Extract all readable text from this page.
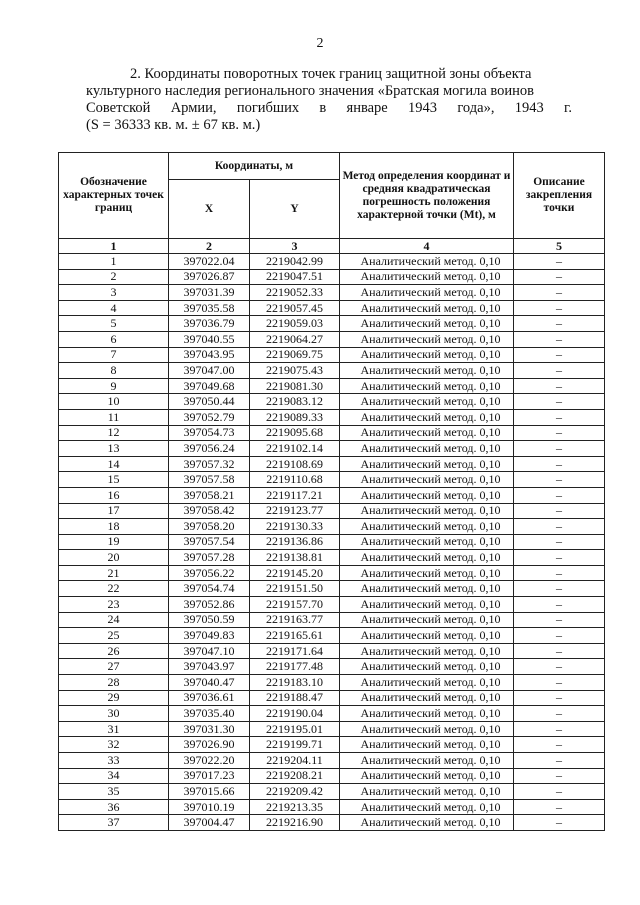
2
2. Координаты поворотных точек границ защитной зоны объекта
культурного наследия регионального значения «Братская могила воинов
Советской Армии, погибших в январе 1943 года», 1943 г.
(S = 36333 кв. м. ± 67 кв. м.)
Обозначение характерных точек границ	Координаты, м		Метод определения координат и средняя квадратическая погрешность положения характерной точки (Мt), м	Описание закрепления точки
	X	Y		
1	2	3	4	5
1	397022.04	2219042.99	Аналитический метод. 0,10	–
2	397026.87	2219047.51	Аналитический метод. 0,10	–
3	397031.39	2219052.33	Аналитический метод. 0,10	–
4	397035.58	2219057.45	Аналитический метод. 0,10	–
5	397036.79	2219059.03	Аналитический метод. 0,10	–
6	397040.55	2219064.27	Аналитический метод. 0,10	–
7	397043.95	2219069.75	Аналитический метод. 0,10	–
8	397047.00	2219075.43	Аналитический метод. 0,10	–
9	397049.68	2219081.30	Аналитический метод. 0,10	–
10	397050.44	2219083.12	Аналитический метод. 0,10	–
11	397052.79	2219089.33	Аналитический метод. 0,10	–
12	397054.73	2219095.68	Аналитический метод. 0,10	–
13	397056.24	2219102.14	Аналитический метод. 0,10	–
14	397057.32	2219108.69	Аналитический метод. 0,10	–
15	397057.58	2219110.68	Аналитический метод. 0,10	–
16	397058.21	2219117.21	Аналитический метод. 0,10	–
17	397058.42	2219123.77	Аналитический метод. 0,10	–
18	397058.20	2219130.33	Аналитический метод. 0,10	–
19	397057.54	2219136.86	Аналитический метод. 0,10	–
20	397057.28	2219138.81	Аналитический метод. 0,10	–
21	397056.22	2219145.20	Аналитический метод. 0,10	–
22	397054.74	2219151.50	Аналитический метод. 0,10	–
23	397052.86	2219157.70	Аналитический метод. 0,10	–
24	397050.59	2219163.77	Аналитический метод. 0,10	–
25	397049.83	2219165.61	Аналитический метод. 0,10	–
26	397047.10	2219171.64	Аналитический метод. 0,10	–
27	397043.97	2219177.48	Аналитический метод. 0,10	–
28	397040.47	2219183.10	Аналитический метод. 0,10	–
29	397036.61	2219188.47	Аналитический метод. 0,10	–
30	397035.40	2219190.04	Аналитический метод. 0,10	–
31	397031.30	2219195.01	Аналитический метод. 0,10	–
32	397026.90	2219199.71	Аналитический метод. 0,10	–
33	397022.20	2219204.11	Аналитический метод. 0,10	–
34	397017.23	2219208.21	Аналитический метод. 0,10	–
35	397015.66	2219209.42	Аналитический метод. 0,10	–
36	397010.19	2219213.35	Аналитический метод. 0,10	–
37	397004.47	2219216.90	Аналитический метод. 0,10	–
